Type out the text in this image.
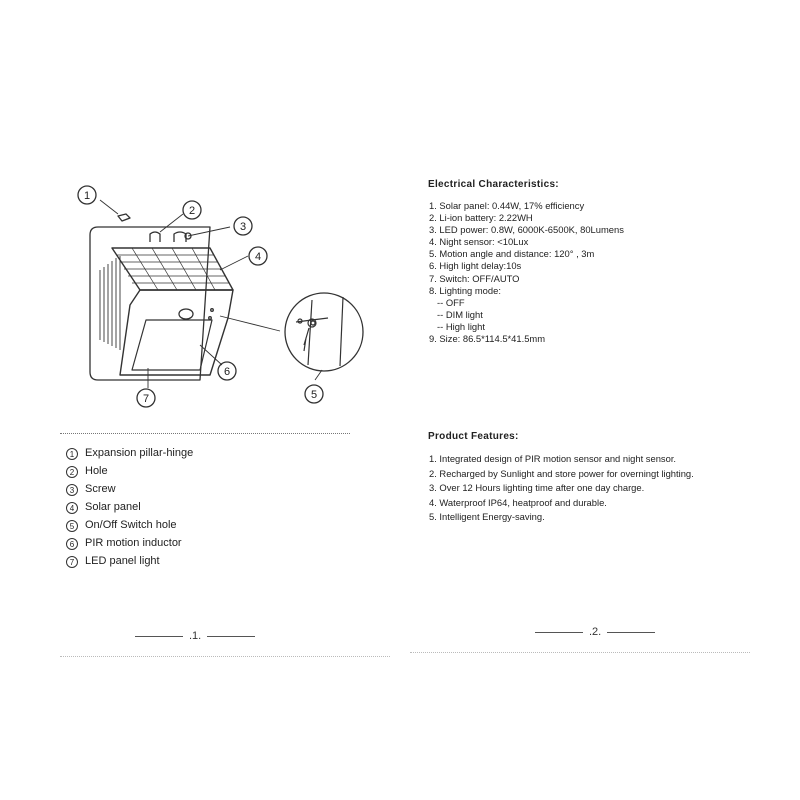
1
2
3
4
5
6
7
1 Expansion pillar-hinge
2 Hole
3 Screw
4 Solar panel
5 On/Off Switch hole
6 PIR motion inductor
7 LED panel light
.1.
Electrical Characteristics:
1. Solar panel: 0.44W, 17% efficiency
2. Li-ion battery: 2.22WH
3. LED power: 0.8W, 6000K-6500K, 80Lumens
4. Night sensor: <10Lux
5. Motion angle and distance: 120° , 3m
6. High light delay:10s
7. Switch: OFF/AUTO
8. Lighting mode:
-- OFF
-- DIM light
-- High light
9. Size: 86.5*114.5*41.5mm
Product Features:
1. Integrated design of PIR motion sensor and night sensor.
2. Recharged by Sunlight and store power for overningt lighting.
3. Over 12 Hours lighting time after one day charge.
4. Waterproof IP64, heatproof and durable.
5. Intelligent Energy-saving.
.2.
